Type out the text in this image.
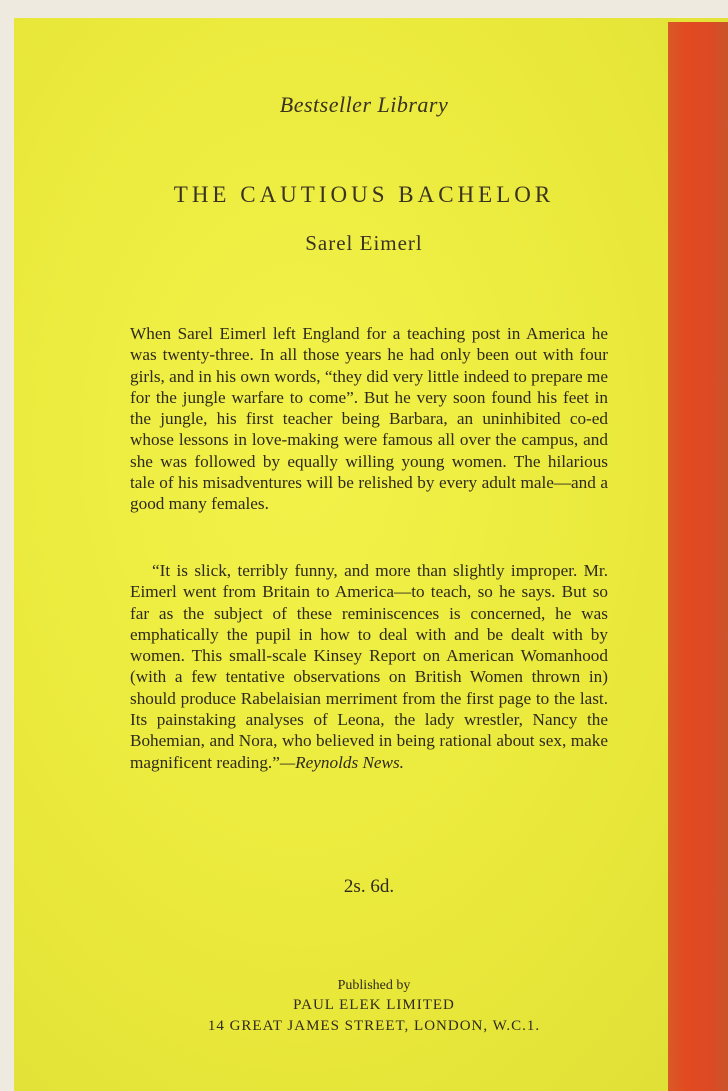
Bestseller Library
THE CAUTIOUS BACHELOR
Sarel Eimerl

When Sarel Eimerl left England for a teaching post in America he was twenty-three. In all those years he had only been out with four girls, and in his own words, “they did very little indeed to prepare me for the jungle warfare to come”. But he very soon found his feet in the jungle, his first teacher being Barbara, an uninhibited co-ed whose lessons in love-making were famous all over the campus, and she was followed by equally willing young women. The hilarious tale of his misadventures will be relished by every adult male—and a good many females.

“It is slick, terribly funny, and more than slightly improper. Mr. Eimerl went from Britain to America—to teach, so he says. But so far as the subject of these reminiscences is concerned, he was emphatically the pupil in how to deal with and be dealt with by women. This small-scale Kinsey Report on American Womanhood (with a few tentative observations on British Women thrown in) should produce Rabelaisian merriment from the first page to the last. Its painstaking analyses of Leona, the lady wrestler, Nancy the Bohemian, and Nora, who believed in being rational about sex, make magnificent reading.”—Reynolds News.

2s. 6d.
Published by
PAUL ELEK LIMITED
14 GREAT JAMES STREET, LONDON, W.C.1.
